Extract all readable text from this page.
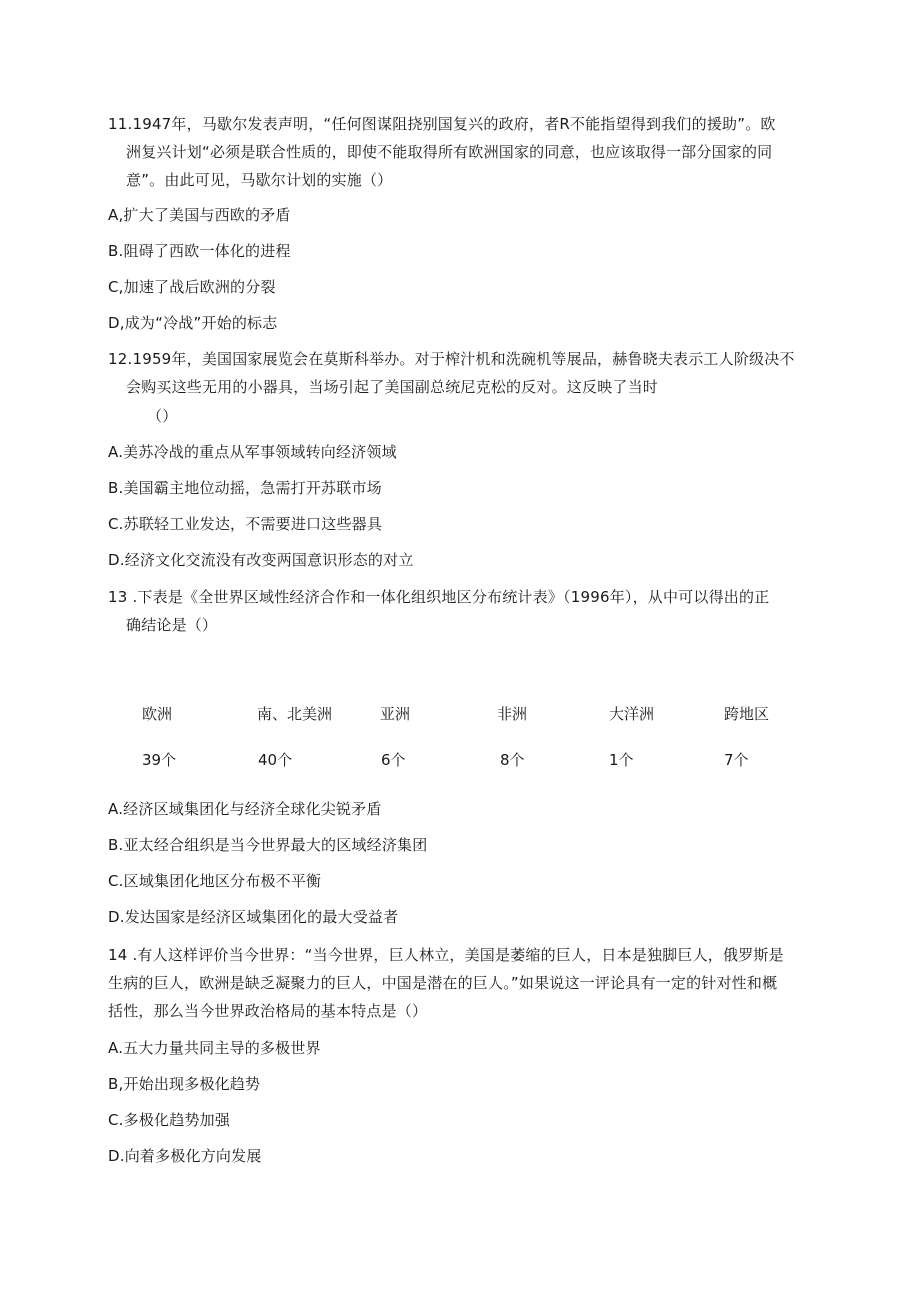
11.1947年，马歇尔发表声明，“任何图谋阻挠别国复兴的政府，者R不能指望得到我们的援助”。欧
洲复兴计划“必须是联合性质的，即使不能取得所有欧洲国家的同意，也应该取得一部分国家的同
意”。由此可见，马歇尔计划的实施（）
A,扩大了美国与西欧的矛盾
B.阻碍了西欧一体化的进程
C,加速了战后欧洲的分裂
D,成为“冷战”开始的标志
12.1959年，美国国家展览会在莫斯科举办。对于榨汁机和洗碗机等展品，赫鲁晓夫表示工人阶级决不
会购买这些无用的小器具，当场引起了美国副总统尼克松的反对。这反映了当时
（）
A.美苏冷战的重点从军事领域转向经济领域
B.美国霸主地位动摇，急需打开苏联市场
C.苏联轻工业发达，不需要进口这些器具
D.经济文化交流没有改变两国意识形态的对立
13 .下表是《全世界区域性经济合作和一体化组织地区分布统计表》（1996年），从中可以得出的正
确结论是（）
欧洲	南、北美洲	亚洲	非洲	大洋洲	跨地区
39个	40个	6个	8个	1个	7个
A.经济区域集团化与经济全球化尖锐矛盾
B.亚太经合组织是当今世界最大的区域经济集团
C.区域集团化地区分布极不平衡
D.发达国家是经济区域集团化的最大受益者
14 .有人这样评价当今世界：“当今世界，巨人林立，美国是萎缩的巨人，日本是独脚巨人，俄罗斯是
生病的巨人，欧洲是缺乏凝聚力的巨人，中国是潜在的巨人。”如果说这一评论具有一定的针对性和概
括性，那么当今世界政治格局的基本特点是（）
A.五大力量共同主导的多极世界
B,开始出现多极化趋势
C.多极化趋势加强
D.向着多极化方向发展
